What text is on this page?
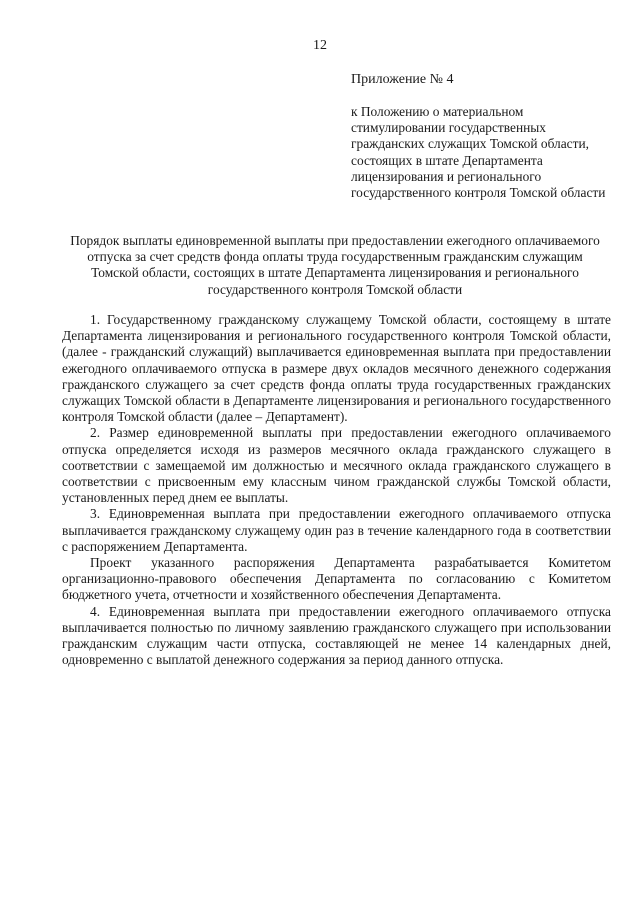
12
Приложение № 4
к Положению о материальном стимулировании государственных гражданских служащих Томской области, состоящих в штате Департамента лицензирования и регионального государственного контроля Томской области
Порядок выплаты единовременной выплаты при предоставлении ежегодного оплачиваемого отпуска за счет средств фонда оплаты труда государственным гражданским служащим Томской области, состоящих в штате Департамента лицензирования и регионального государственного контроля Томской области

1. Государственному гражданскому служащему Томской области, состоящему в штате Департамента лицензирования и регионального государственного контроля Томской области, (далее - гражданский служащий) выплачивается единовременная выплата при предоставлении ежегодного оплачиваемого отпуска в размере двух окладов месячного денежного содержания гражданского служащего за счет средств фонда оплаты труда государственных гражданских служащих Томской области в Департаменте лицензирования и регионального государственного контроля Томской области (далее – Департамент).

2. Размер единовременной выплаты при предоставлении ежегодного оплачиваемого отпуска определяется исходя из размеров месячного оклада гражданского служащего в соответствии с замещаемой им должностью и месячного оклада гражданского служащего в соответствии с присвоенным ему классным чином гражданской службы Томской области, установленных перед днем ее выплаты.

3. Единовременная выплата при предоставлении ежегодного оплачиваемого отпуска выплачивается гражданскому служащему один раз в течение календарного года в соответствии с распоряжением Департамента.

Проект указанного распоряжения Департамента разрабатывается Комитетом организационно-правового обеспечения Департамента по согласованию с Комитетом бюджетного учета, отчетности и хозяйственного обеспечения Департамента.

4. Единовременная выплата при предоставлении ежегодного оплачиваемого отпуска выплачивается полностью по личному заявлению гражданского служащего при использовании гражданским служащим части отпуска, составляющей не менее 14 календарных дней, одновременно с выплатой денежного содержания за период данного отпуска.
